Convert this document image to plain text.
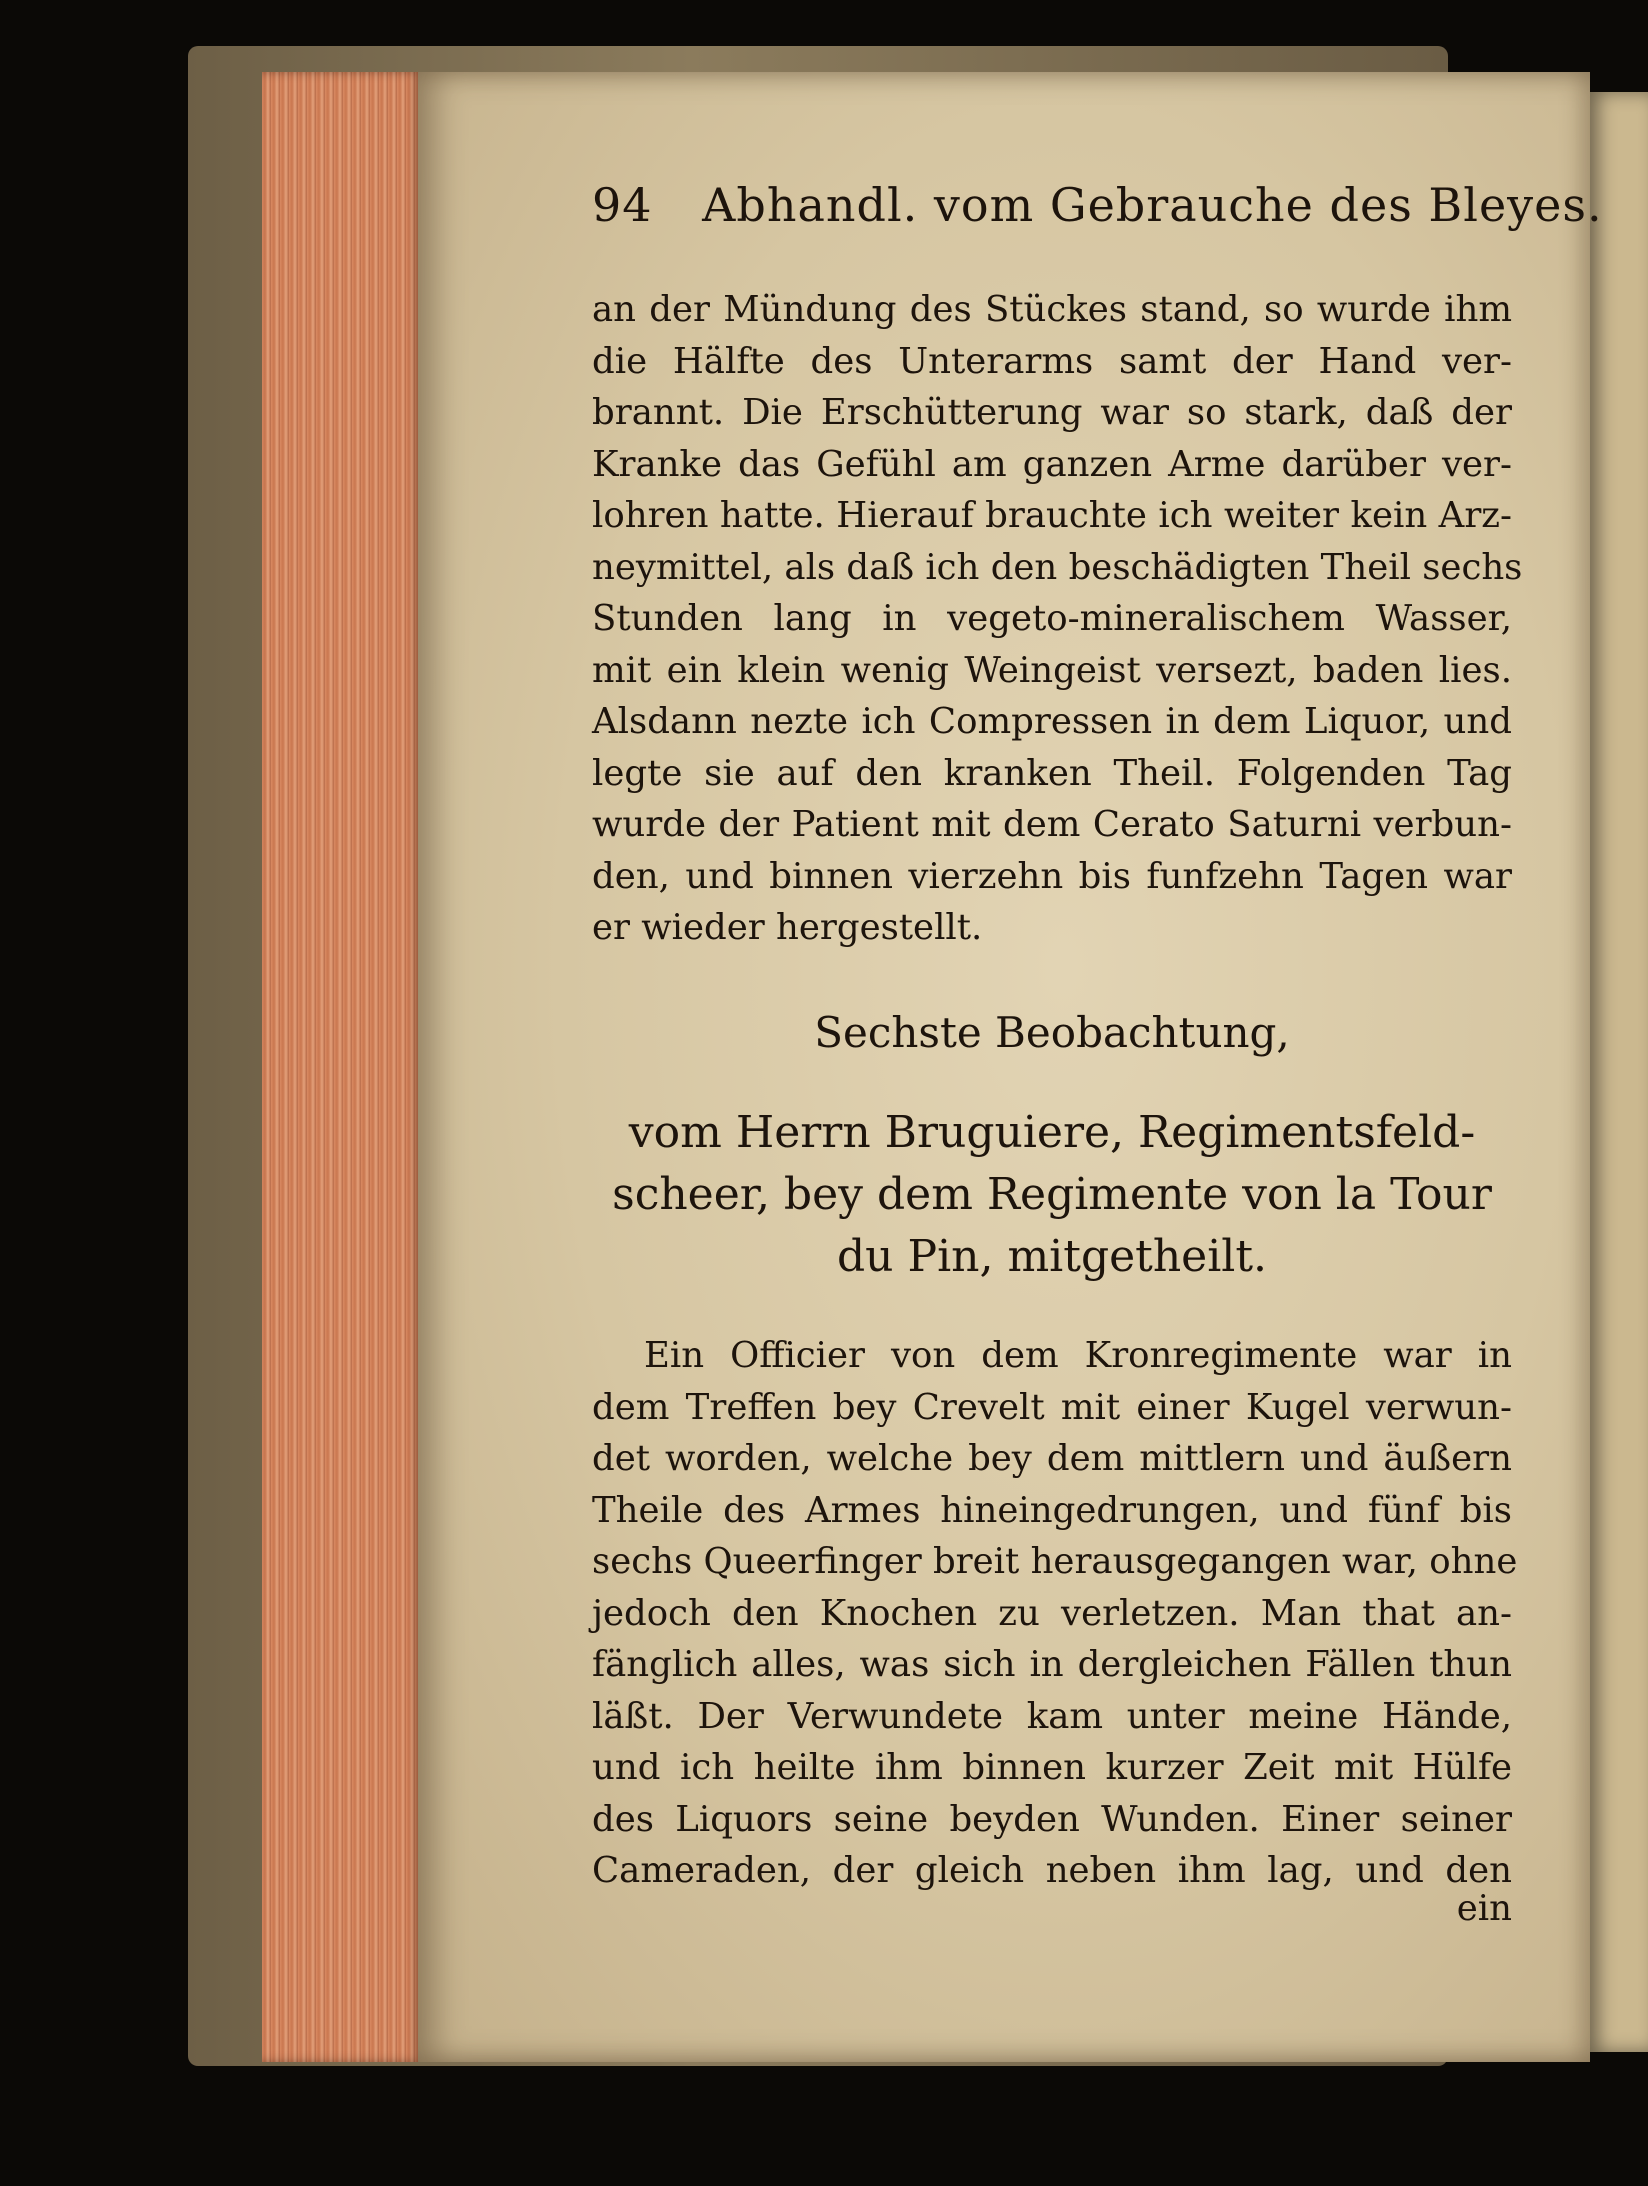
94 Abhandl. vom Gebrauche des Bleyes.
an der Mündung des Stückes stand, so wurde ihm
die Hälfte des Unterarms samt der Hand ver-
brannt. Die Erschütterung war so stark, daß der
Kranke das Gefühl am ganzen Arme darüber ver-
lohren hatte. Hierauf brauchte ich weiter kein Arz-
neymittel, als daß ich den beschädigten Theil sechs
Stunden lang in vegeto-mineralischem Wasser,
mit ein klein wenig Weingeist versezt, baden lies.
Alsdann nezte ich Compressen in dem Liquor, und
legte sie auf den kranken Theil. Folgenden Tag
wurde der Patient mit dem Cerato Saturni verbun-
den, und binnen vierzehn bis funfzehn Tagen war
er wieder hergestellt.
Sechste Beobachtung,
vom Herrn Bruguiere, Regimentsfeld-
scheer, bey dem Regimente von la Tour
du Pin, mitgetheilt.
Ein Officier von dem Kronregimente war in
dem Treffen bey Crevelt mit einer Kugel verwun-
det worden, welche bey dem mittlern und äußern
Theile des Armes hineingedrungen, und fünf bis
sechs Queerfinger breit herausgegangen war, ohne
jedoch den Knochen zu verletzen. Man that an-
fänglich alles, was sich in dergleichen Fällen thun
läßt. Der Verwundete kam unter meine Hände,
und ich heilte ihm binnen kurzer Zeit mit Hülfe
des Liquors seine beyden Wunden. Einer seiner
Cameraden, der gleich neben ihm lag, und den
ein
